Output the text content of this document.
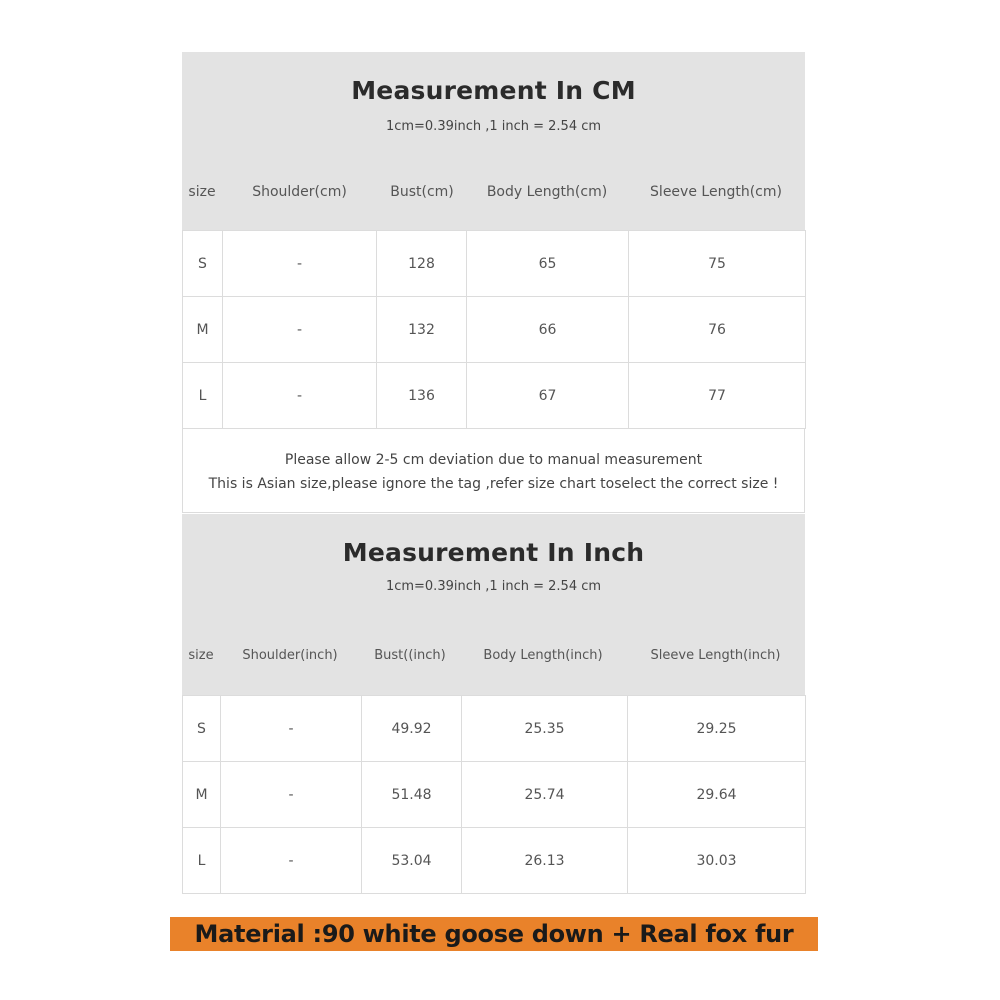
Measurement In CM
1cm=0.39inch ,1 inch = 2.54 cm
size	Shoulder(cm)	Bust(cm)	Body Length(cm)	Sleeve Length(cm)
S	-	128	65	75
M	-	132	66	76
L	-	136	67	77
Please allow 2-5 cm deviation due to manual measurement
This is Asian size,please ignore the tag ,refer size chart toselect the correct size !
Measurement In Inch
1cm=0.39inch ,1 inch = 2.54 cm
size	Shoulder(inch)	Bust((inch)	Body Length(inch)	Sleeve Length(inch)
S	-	49.92	25.35	29.25
M	-	51.48	25.74	29.64
L	-	53.04	26.13	30.03
Material :90 white goose down + Real fox fur
